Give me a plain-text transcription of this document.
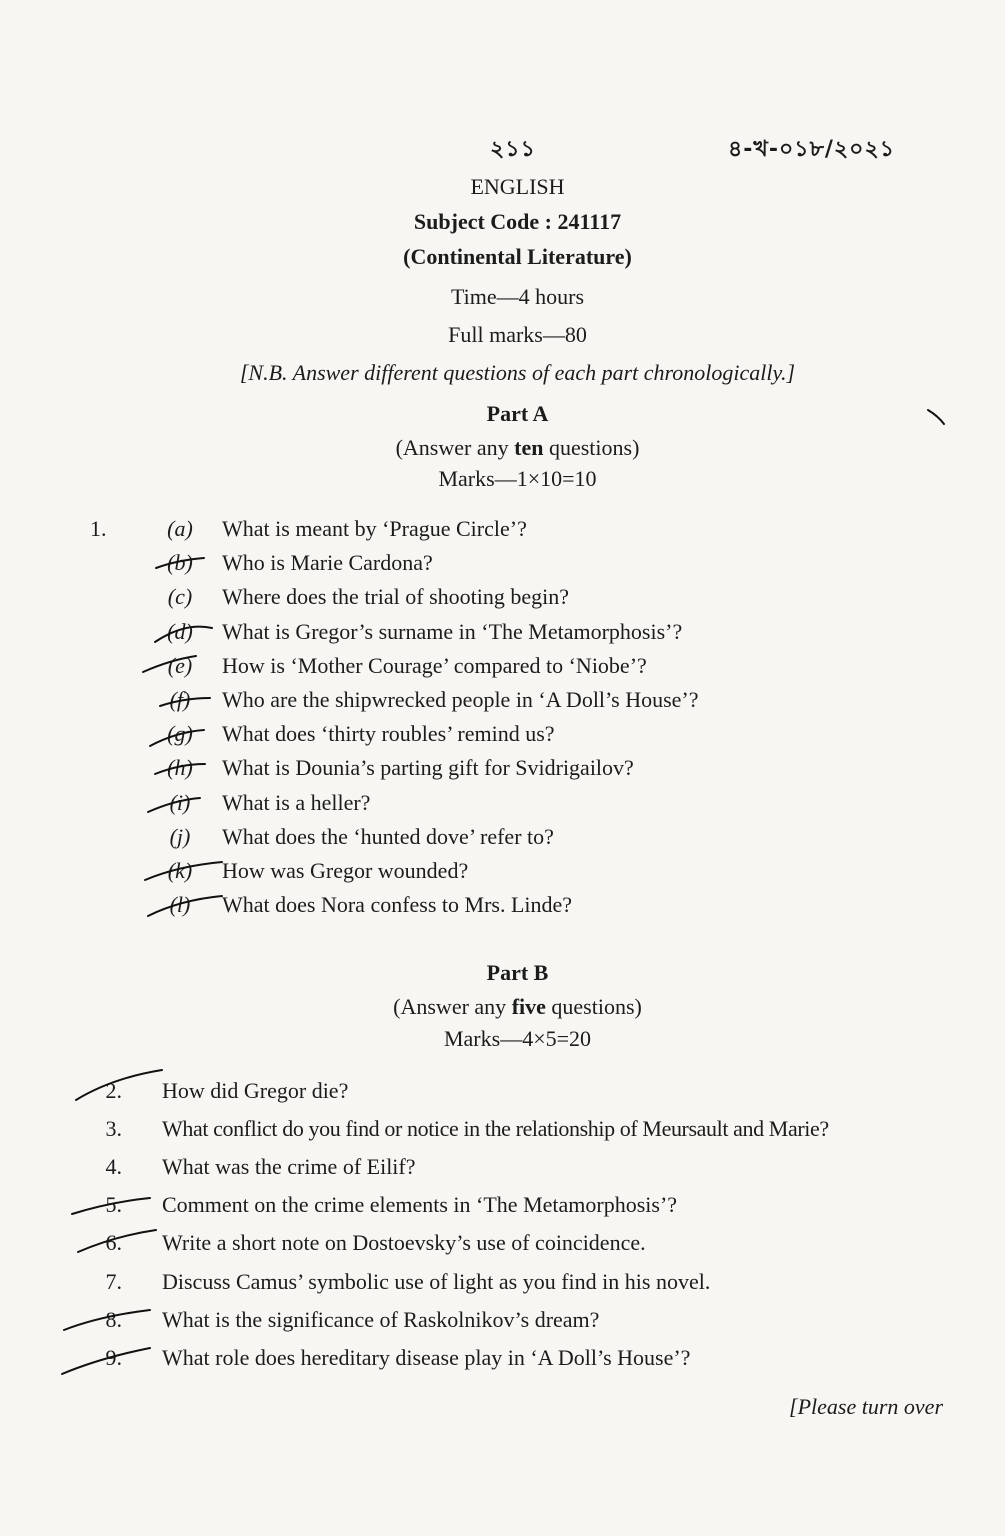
২১১	৪-খ-০১৮/২০২১
ENGLISH
Subject Code : 241117
(Continental Literature)
Time—4 hours
Full marks—80
[N.B. Answer different questions of each part chronologically.]
Part A
(Answer any ten questions)
Marks—1×10=10
1.	(a)	What is meant by ‘Prague Circle’?
(b)	Who is Marie Cardona?
(c)	Where does the trial of shooting begin?
(d)	What is Gregor’s surname in ‘The Metamorphosis’?
(e)	How is ‘Mother Courage’ compared to ‘Niobe’?
(f)	Who are the shipwrecked people in ‘A Doll’s House’?
(g)	What does ‘thirty roubles’ remind us?
(h)	What is Dounia’s parting gift for Svidrigailov?
(i)	What is a heller?
(j)	What does the ‘hunted dove’ refer to?
(k)	How was Gregor wounded?
(l)	What does Nora confess to Mrs. Linde?
Part B
(Answer any five questions)
Marks—4×5=20
2. How did Gregor die?
3. What conflict do you find or notice in the relationship of Meursault and Marie?
4. What was the crime of Eilif?
5. Comment on the crime elements in ‘The Metamorphosis’?
6. Write a short note on Dostoevsky’s use of coincidence.
7. Discuss Camus’ symbolic use of light as you find in his novel.
8. What is the significance of Raskolnikov’s dream?
9. What role does hereditary disease play in ‘A Doll’s House’?
[Please turn over
